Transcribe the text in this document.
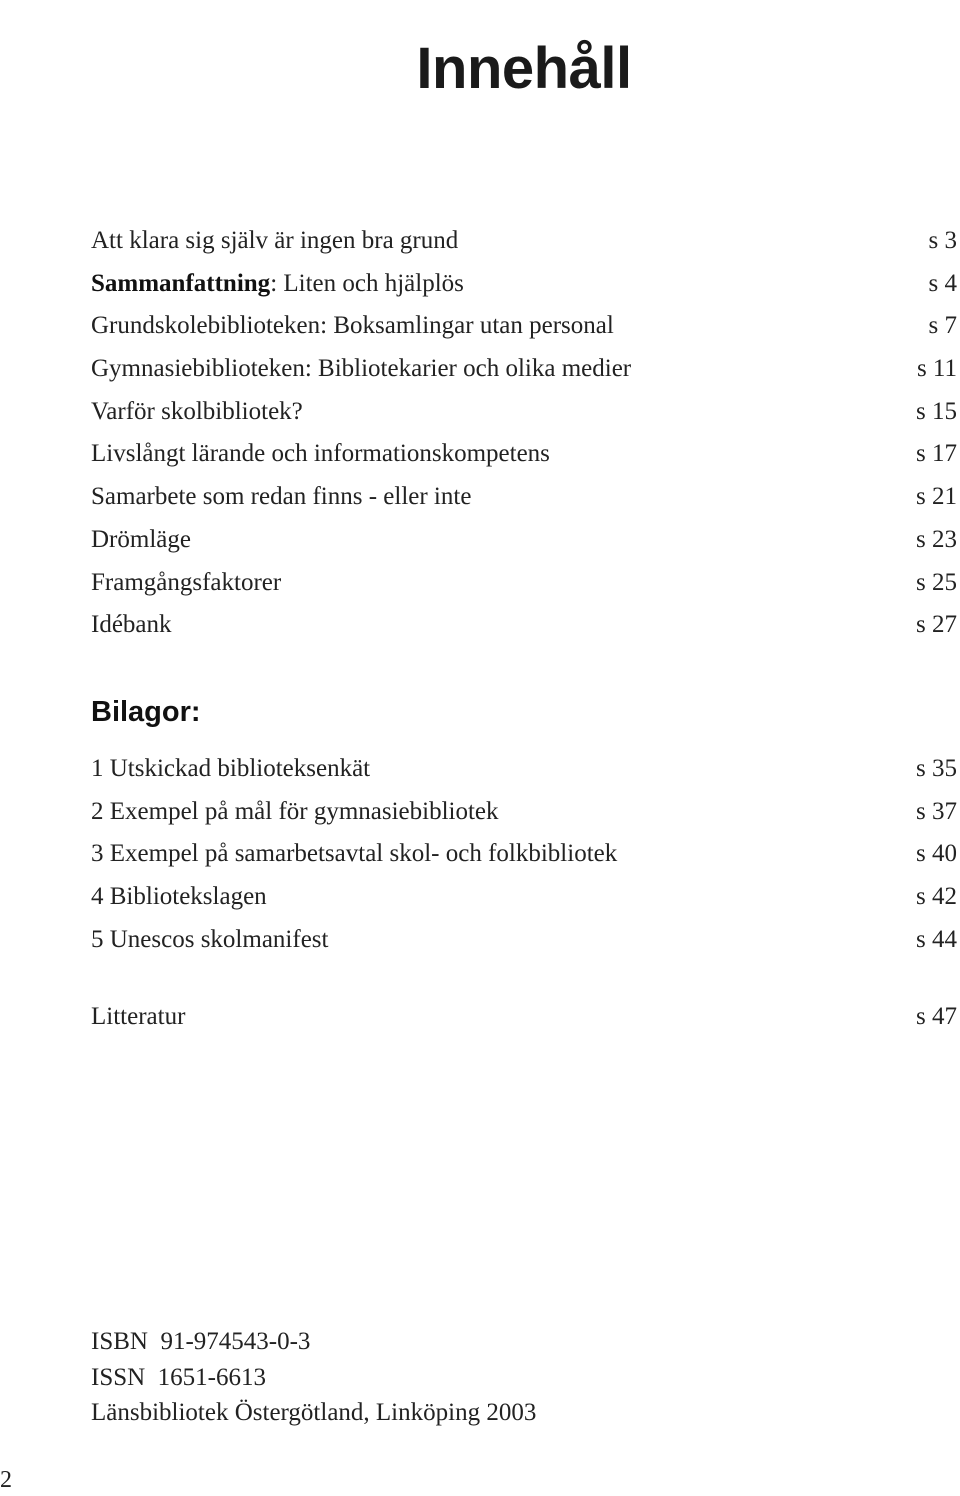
Innehåll
Att klara sig själv är ingen bra grund	s 3
Sammanfattning: Liten och hjälplös	s 4
Grundskolebiblioteken: Boksamlingar utan personal	s 7
Gymnasiebiblioteken: Bibliotekarier och olika medier	s 11
Varför skolbibliotek?	s 15
Livslångt lärande och informationskompetens	s 17
Samarbete som redan finns - eller inte	s 21
Drömläge	s 23
Framgångsfaktorer	s 25
Idébank	s 27
Bilagor:
1 Utskickad biblioteksenkät	s 35
2 Exempel på mål för gymnasiebibliotek	s 37
3 Exempel på samarbetsavtal skol- och folkbibliotek	s 40
4 Bibliotekslagen	s 42
5 Unescos skolmanifest	s 44
Litteratur	s 47
ISBN  91-974543-0-3
ISSN  1651-6613
Länsbibliotek Östergötland, Linköping 2003
2
